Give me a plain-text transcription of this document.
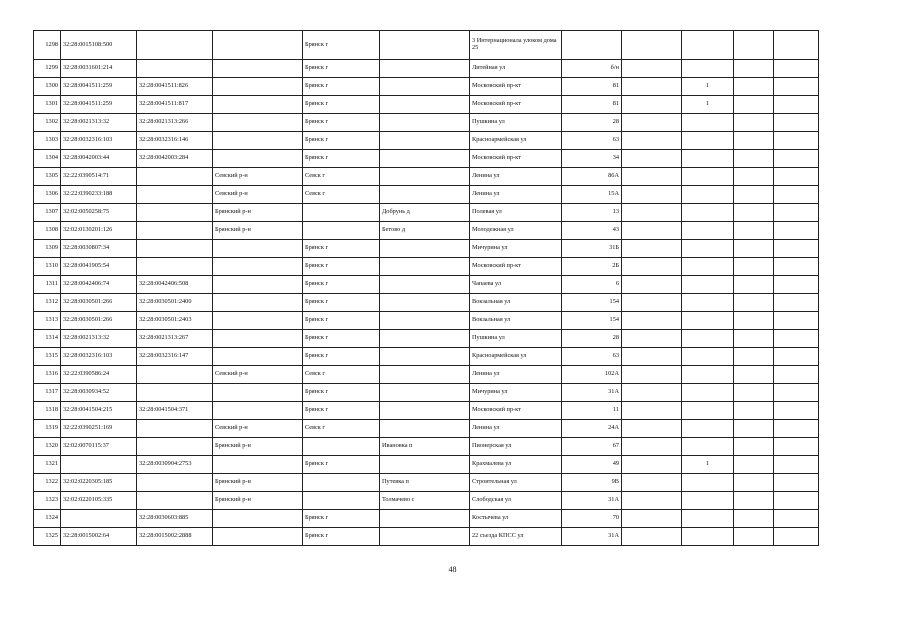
1298	32:28:0015108:500			Брянск г		3 Интернационала улоком дома 25					
1299	32:28:0031601:214			Брянск г		Литейная ул	б/н				
1300	32:28:0041511:259	32:28:0041511:826		Брянск г		Московский пр-кт	81		1		
1301	32:28:0041511:259	32:28:0041511:817		Брянск г		Московский пр-кт	81		1		
1302	32:28:0021313:32	32:28:0021313:266		Брянск г		Пушкина ул	28				
1303	32:28:0032316:103	32:28:0032316:146		Брянск г		Красноармейская ул	63				
1304	32:28:0042003:44	32:28:0042003:284		Брянск г		Московский пр-кт	34				
1305	32:22:0390514:71		Севский р-н	Севск г		Ленина ул	86А				
1306	32:22:0390233:188		Севский р-н	Севск г		Ленина ул	15А				
1307	32:02:0050258:75		Брянский р-н		Добрунь д	Полевая ул	13				
1308	32:02:0130201:126		Брянский р-н		Бетово д	Молодежная ул	43				
1309	32:28:0030807:34			Брянск г		Мичурина ул	31Б				
1310	32:28:0041905:54			Брянск г		Московский пр-кт	2Б				
1311	32:28:0042406:74	32:28:0042406:508		Брянск г		Чапаева ул	6				
1312	32:28:0030501:266	32:28:0030501:2400		Брянск г		Вокзальная ул	154				
1313	32:28:0030501:266	32:28:0030501:2403		Брянск г		Вокзальная ул	154				
1314	32:28:0021313:32	32:28:0021313:267		Брянск г		Пушкина ул	28				
1315	32:28:0032316:103	32:28:0032316:147		Брянск г		Красноармейская ул	63				
1316	32:22:0390586:24		Севский р-н	Севск г		Ленина ул	102А				
1317	32:28:0030934:52			Брянск г		Мичурина ул	31А				
1318	32:28:0041504:215	32:28:0041504:371		Брянск г		Московский пр-кт	11				
1319	32:22:0390251:169		Севский р-н	Севск г		Ленина ул	24А				
1320	32:02:0070115:37		Брянский р-н		Ивановка п	Пионерская ул	67				
1321		32:28:0030904:2753		Брянск г		Крахмалева ул	49		1		
1322	32:02:0220305:185		Брянский р-н		Путевка п	Строительная ул	9В				
1323	32:02:0220105:335		Брянский р-н		Толмачево с	Слободская ул	31А				
1324		32:28:0030603:885		Брянск г		Костычева ул	70				
1325	32:28:0015002:64	32:28:0015002:2888		Брянск г		22 съезда КПСС ул	31А				
48
